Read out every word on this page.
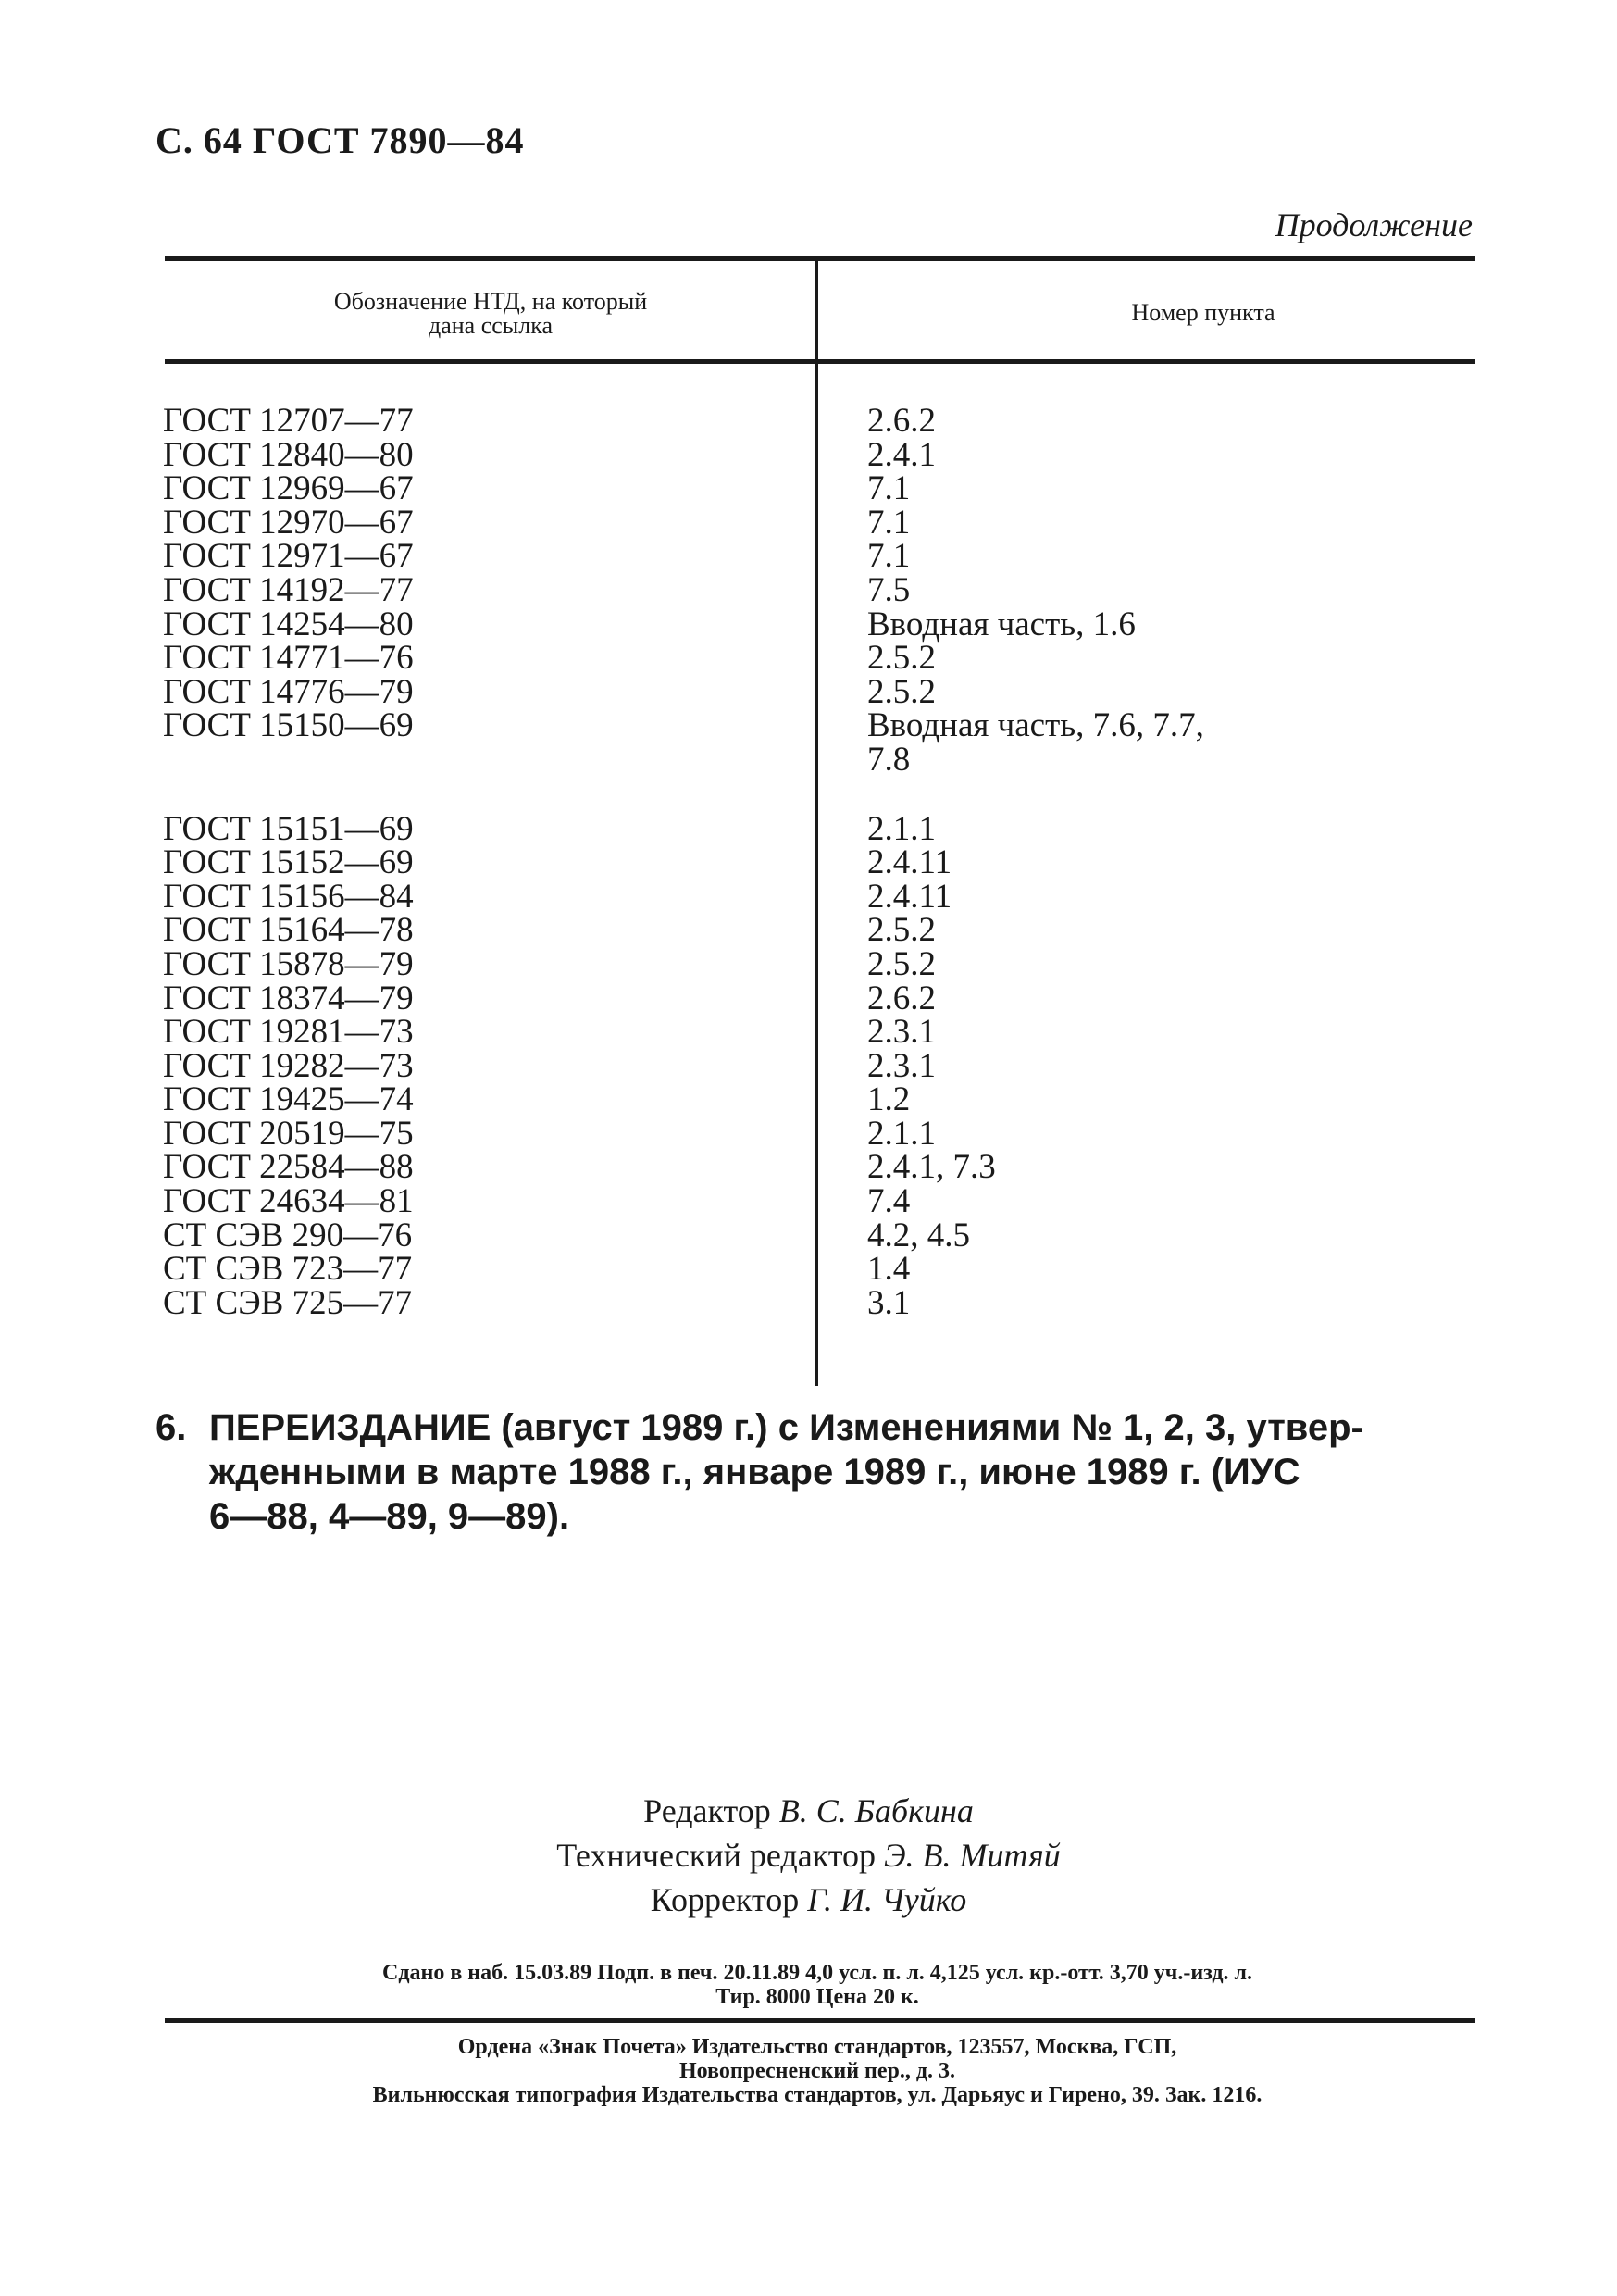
С. 64 ГОСТ 7890—84
Продолжение
Обозначение НТД, на который
дана ссылка	Номер пункта
ГОСТ 12707—77	2.6.2
ГОСТ 12840—80	2.4.1
ГОСТ 12969—67	7.1
ГОСТ 12970—67	7.1
ГОСТ 12971—67	7.1
ГОСТ 14192—77	7.5
ГОСТ 14254—80	Вводная часть, 1.6
ГОСТ 14771—76	2.5.2
ГОСТ 14776—79	2.5.2
ГОСТ 15150—69	Вводная часть, 7.6, 7.7,
7.8
ГОСТ 15151—69	2.1.1
ГОСТ 15152—69	2.4.11
ГОСТ 15156—84	2.4.11
ГОСТ 15164—78	2.5.2
ГОСТ 15878—79	2.5.2
ГОСТ 18374—79	2.6.2
ГОСТ 19281—73	2.3.1
ГОСТ 19282—73	2.3.1
ГОСТ 19425—74	1.2
ГОСТ 20519—75	2.1.1
ГОСТ 22584—88	2.4.1, 7.3
ГОСТ 24634—81	7.4
СТ СЭВ 290—76	4.2, 4.5
СТ СЭВ 723—77	1.4
СТ СЭВ 725—77	3.1
6. ПЕРЕИЗДАНИЕ (август 1989 г.) с Изменениями № 1, 2, 3, утвер-
жденными в марте 1988 г., январе 1989 г., июне 1989 г. (ИУС
6—88, 4—89, 9—89).
Редактор В. С. Бабкина
Технический редактор Э. В. Митяй
Корректор Г. И. Чуйко
Сдано в наб. 15.03.89 Подп. в печ. 20.11.89 4,0 усл. п. л. 4,125 усл. кр.-отт. 3,70 уч.-изд. л.
Тир. 8000 Цена 20 к.
Ордена «Знак Почета» Издательство стандартов, 123557, Москва, ГСП,
Новопресненский пер., д. 3.
Вильнюсская типография Издательства стандартов, ул. Дарьяус и Гирено, 39. Зак. 1216.
